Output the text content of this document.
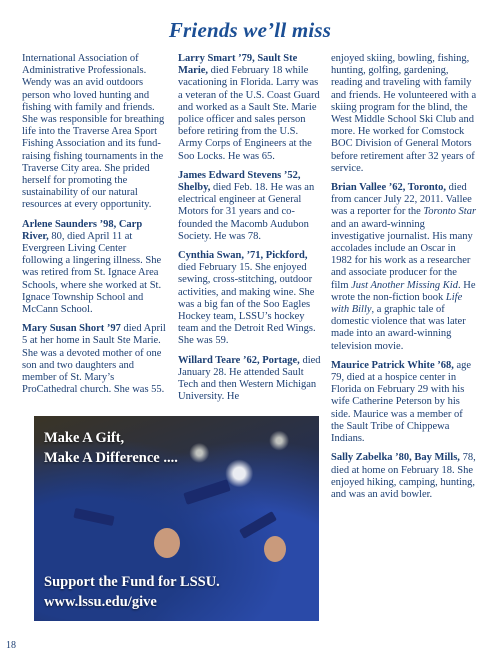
Friends we’ll miss

International Association of Administrative Professionals. Wendy was an avid outdoors person who loved hunting and fishing with family and friends. She was responsible for breathing life into the Traverse Area Sport Fishing Association and its fund-raising fishing tournaments in the Traverse City area. She prided herself for promoting the sustainability of our natural resources at every opportunity.

Arlene Saunders ’98, Carp River, 80, died April 11 at Evergreen Living Center following a lingering illness. She was retired from St. Ignace Area Schools, where she worked at St. Ignace Township School and McCann School.

Mary Susan Short ’97 died April 5 at her home in Sault Ste Marie. She was a devoted mother of one son and two daughters and member of St. Mary’s ProCathedral church. She was 55.

Larry Smart ’79, Sault Ste Marie, died February 18 while vacationing in Florida. Larry was a veteran of the U.S. Coast Guard and worked as a Sault Ste. Marie police officer and sales person before retiring from the U.S. Army Corps of Engineers at the Soo Locks. He was 65.

James Edward Stevens ’52, Shelby, died Feb. 18. He was an electrical engineer at General Motors for 31 years and co-founded the Macomb Audubon Society. He was 78.

Cynthia Swan, ’71, Pickford, died February 15. She enjoyed sewing, cross-stitching, outdoor activities, and making wine. She was a big fan of the Soo Eagles Hockey team, LSSU’s hockey team and the Detroit Red Wings. She was 59.

Willard Teare ’62, Portage, died January 28. He attended Sault Tech and then Western Michigan University. He

enjoyed skiing, bowling, fishing, hunting, golfing, gardening, reading and traveling with family and friends. He volunteered with a skiing program for the blind, the West Middle School Ski Club and more. He worked for Comstock BOC Division of General Motors before retirement after 32 years of service.

Brian Vallee ’62, Toronto, died from cancer July 22, 2011. Vallee was a reporter for the Toronto Star and an award-winning investigative journalist. His many accolades include an Oscar in 1982 for his work as a researcher and associate producer for the film Just Another Missing Kid. He wrote the non-fiction book Life with Billy, a graphic tale of domestic violence that was later made into an award-winning television movie.

Maurice Patrick White ’68, age 79, died at a hospice center in Florida on February 29 with his wife Catherine Peterson by his side. Maurice was a member of the Sault Tribe of Chippewa Indians.

Sally Zabelka ’80, Bay Mills, 78, died at home on February 18. She enjoyed hiking, camping, hunting, and was an avid bowler.

Make A Gift,
Make A Difference ....
Support the Fund for LSSU.
www.lssu.edu/give
18
